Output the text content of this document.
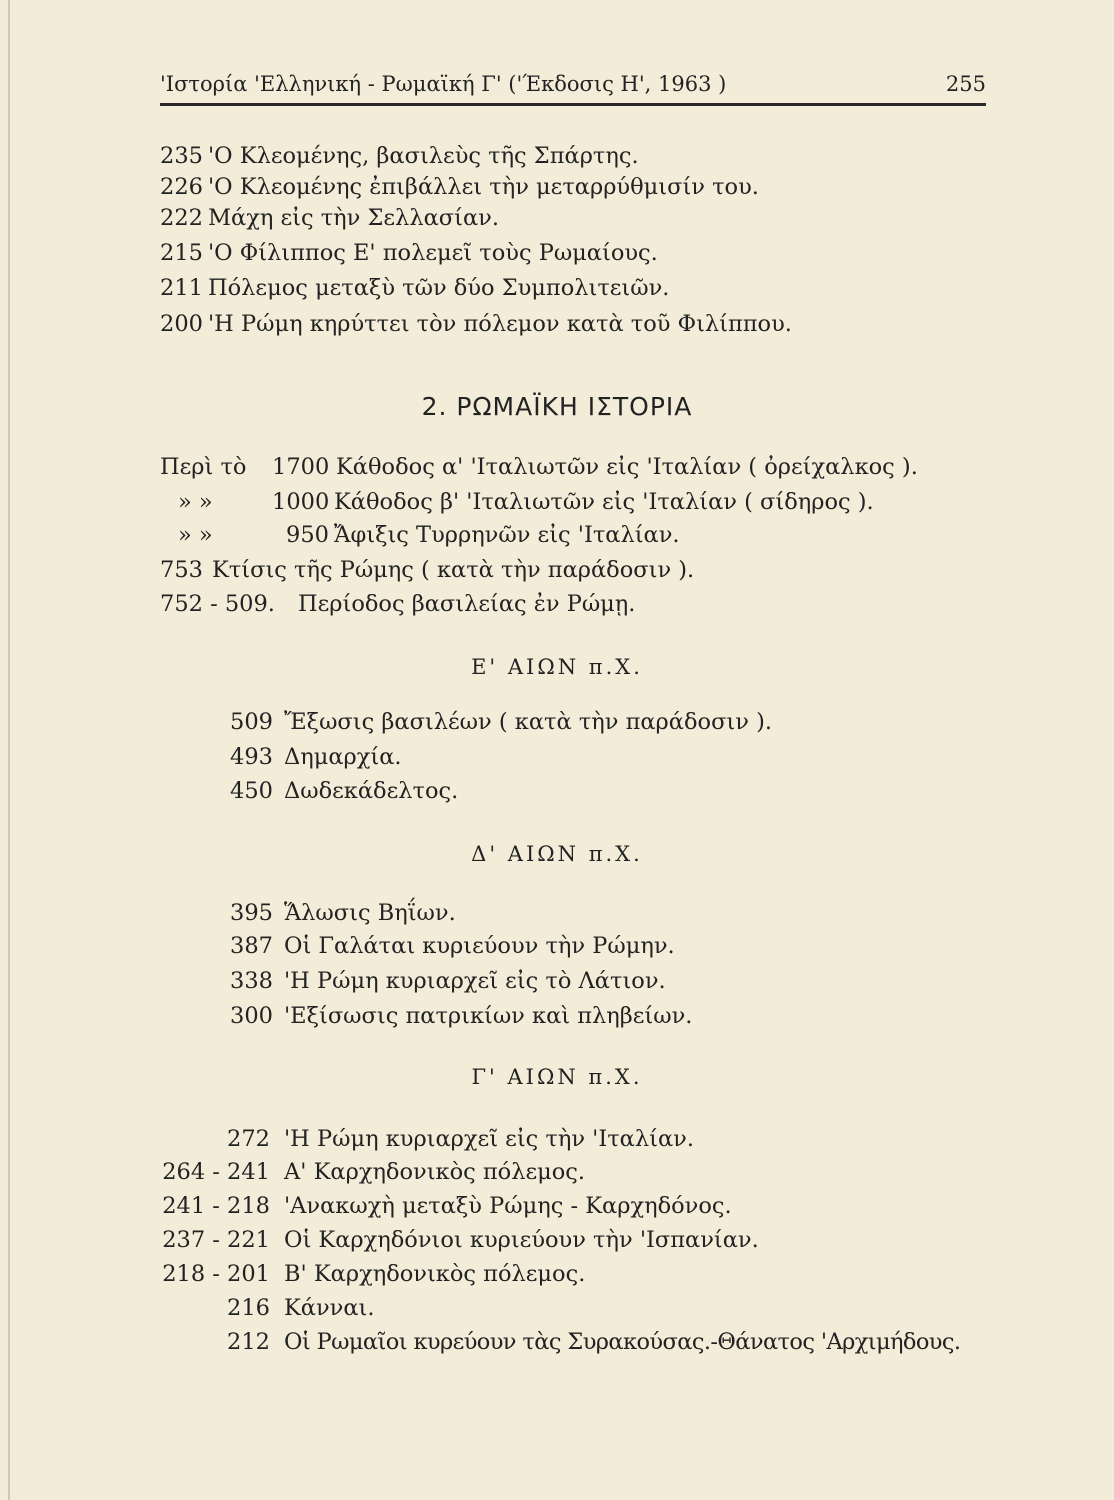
'Ιστορία 'Ελληνική - Ρωμαϊκή Γ' ('Έκδοσις Η', 1963 )	255
235 'Ο Κλεομένης, βασιλεὺς τῆς Σπάρτης.
226 'Ο Κλεομένης ἐπιβάλλει τὴν μεταρρύθμισίν του.
222 Μάχη εἰς τὴν Σελλασίαν.
215 'Ο Φίλιππος Ε' πολεμεῖ τοὺς Ρωμαίους.
211 Πόλεμος μεταξὺ τῶν δύο Συμπολιτειῶν.
200 'Η Ρώμη κηρύττει τὸν πόλεμον κατὰ τοῦ Φιλίππου.
2. ΡΩΜΑΪΚΗ ΙΣΤΟΡΙΑ
Περὶ τὸ 1700 Κάθοδος α' 'Ιταλιωτῶν εἰς 'Ιταλίαν ( ὀρείχαλκος ).
» »	1000 Κάθοδος β' 'Ιταλιωτῶν εἰς 'Ιταλίαν ( σίδηρος ).
» »	950 Ἄφιξις Τυρρηνῶν εἰς 'Ιταλίαν.
753 Κτίσις τῆς Ρώμης ( κατὰ τὴν παράδοσιν ).
752 - 509. Περίοδος βασιλείας ἐν Ρώμῃ.
Ε' ΑΙΩΝ π.Χ.
509 Ἔξωσις βασιλέων ( κατὰ τὴν παράδοσιν ).
493 Δημαρχία.
450 Δωδεκάδελτος.
Δ' ΑΙΩΝ π.Χ.
395 Ἅλωσις Βηΐων.
387 Οἱ Γαλάται κυριεύουν τὴν Ρώμην.
338 'Η Ρώμη κυριαρχεῖ εἰς τὸ Λάτιον.
300 'Εξίσωσις πατρικίων καὶ πληβείων.
Γ' ΑΙΩΝ π.Χ.
272 'Η Ρώμη κυριαρχεῖ εἰς τὴν 'Ιταλίαν.
264 - 241 Α' Καρχηδονικὸς πόλεμος.
241 - 218 'Ανακωχὴ μεταξὺ Ρώμης - Καρχηδόνος.
237 - 221 Οἱ Καρχηδόνιοι κυριεύουν τὴν 'Ισπανίαν.
218 - 201 Β' Καρχηδονικὸς πόλεμος.
216 Κάνναι.
212 Οἱ Ρωμαῖοι κυρεύουν τὰς Συρακούσας.-Θάνατος 'Αρχιμήδους.
